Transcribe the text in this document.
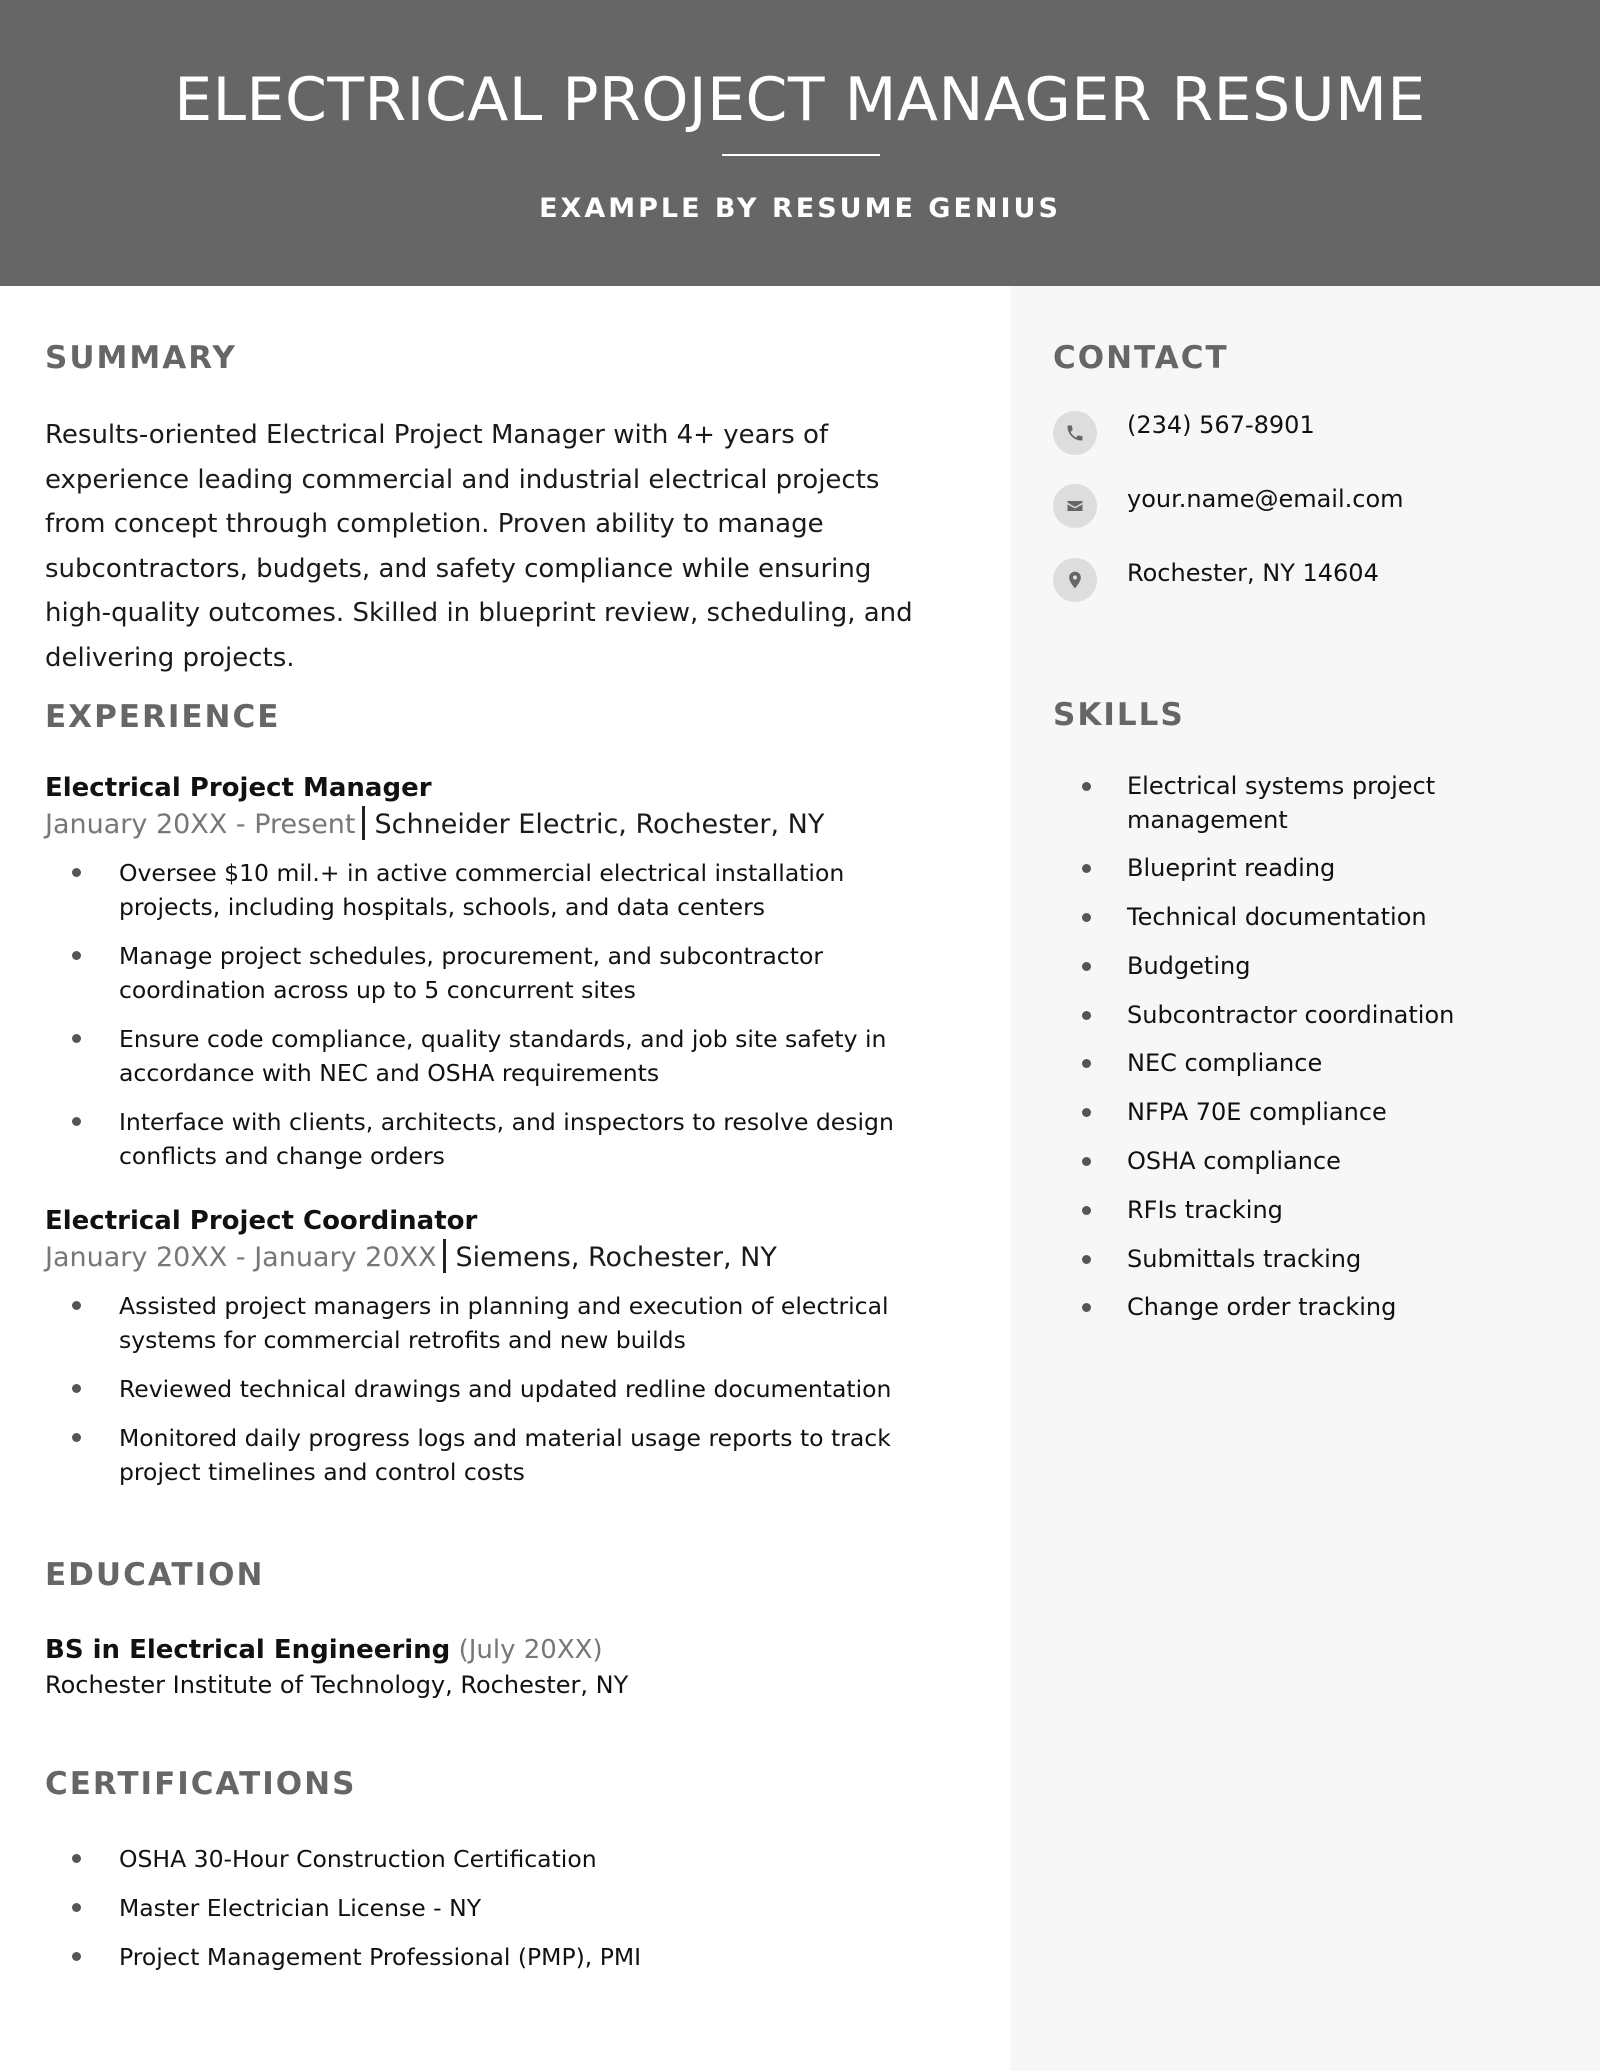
ELECTRICAL PROJECT MANAGER RESUME
EXAMPLE BY RESUME GENIUS
SUMMARY

Results-oriented Electrical Project Manager with 4+ years of experience leading commercial and industrial electrical projects from concept through completion. Proven ability to manage subcontractors, budgets, and safety compliance while ensuring high-quality outcomes. Skilled in blueprint review, scheduling, and delivering projects.

EXPERIENCE
Electrical Project Manager
January 20XX - Present Schneider Electric, Rochester, NY
Oversee $10 mil.+ in active commercial electrical installation projects, including hospitals, schools, and data centers
Manage project schedules, procurement, and subcontractor coordination across up to 5 concurrent sites
Ensure code compliance, quality standards, and job site safety in accordance with NEC and OSHA requirements
Interface with clients, architects, and inspectors to resolve design conflicts and change orders
Electrical Project Coordinator
January 20XX - January 20XX Siemens, Rochester, NY
Assisted project managers in planning and execution of electrical systems for commercial retrofits and new builds
Reviewed technical drawings and updated redline documentation
Monitored daily progress logs and material usage reports to track project timelines and control costs
EDUCATION
BS in Electrical Engineering (July 20XX)
Rochester Institute of Technology, Rochester, NY
CERTIFICATIONS
OSHA 30-Hour Construction Certification
Master Electrician License - NY
Project Management Professional (PMP), PMI
CONTACT
(234) 567-8901
your.name@email.com
Rochester, NY 14604
SKILLS
Electrical systems project management
Blueprint reading
Technical documentation
Budgeting
Subcontractor coordination
NEC compliance
NFPA 70E compliance
OSHA compliance
RFIs tracking
Submittals tracking
Change order tracking
